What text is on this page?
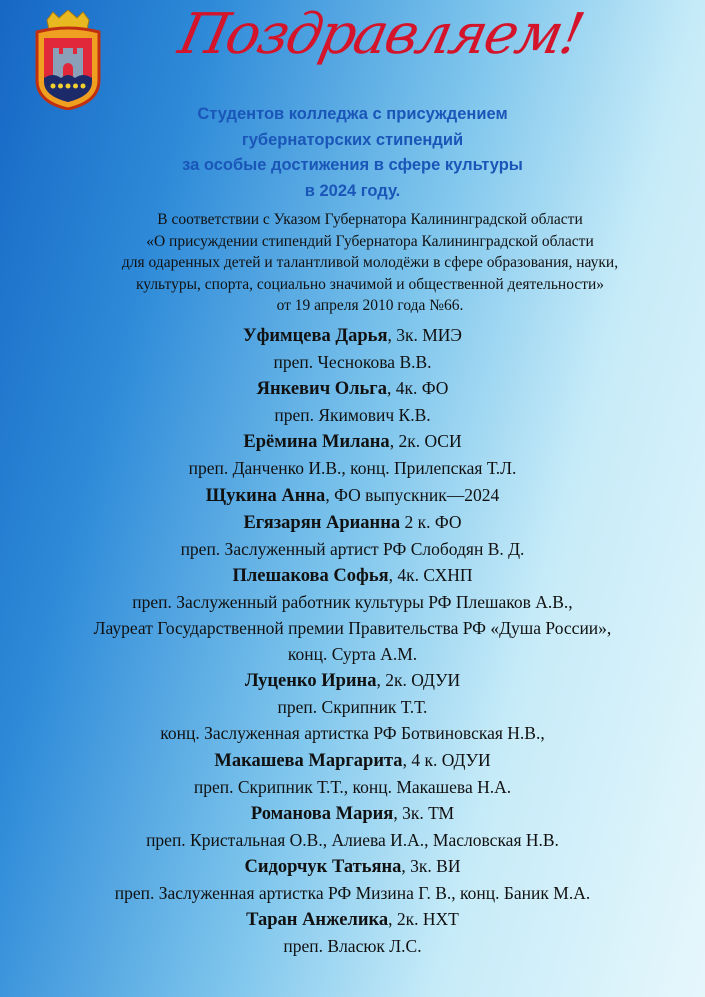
Поздравляем!
Студентов колледжа с присуждением
губернаторских стипендий
за особые достижения в сфере культуры
в 2024 году.
В соответствии с Указом Губернатора Калининградской области
«О присуждении стипендий Губернатора Калининградской области
для одаренных детей и талантливой молодёжи в сфере образования, науки,
культуры, спорта, социально значимой и общественной деятельности»
от 19 апреля 2010 года №66.
Уфимцева Дарья, 3к. МИЭ
преп. Чеснокова В.В.
Янкевич Ольга, 4к. ФО
преп. Якимович К.В.
Ерёмина Милана, 2к. ОСИ
преп. Данченко И.В., конц. Прилепская Т.Л.
Щукина Анна, ФО выпускник—2024
Егязарян Арианна 2 к. ФО
преп. Заслуженный артист РФ Слободян В. Д.
Плешакова Софья, 4к. СХНП
преп. Заслуженный работник культуры РФ Плешаков А.В.,
Лауреат Государственной премии Правительства РФ «Душа России»,
конц. Сурта А.М.
Луценко Ирина, 2к. ОДУИ
преп. Скрипник Т.Т.
конц. Заслуженная артистка РФ Ботвиновская Н.В.,
Макашева Маргарита, 4 к. ОДУИ
преп. Скрипник Т.Т., конц. Макашева Н.А.
Романова Мария, 3к. ТМ
преп. Кристальная О.В., Алиева И.А., Масловская Н.В.
Сидорчук Татьяна, 3к. ВИ
преп. Заслуженная артистка РФ Мизина Г. В., конц. Баник М.А.
Таран Анжелика, 2к. НХТ
преп. Власюк Л.С.
